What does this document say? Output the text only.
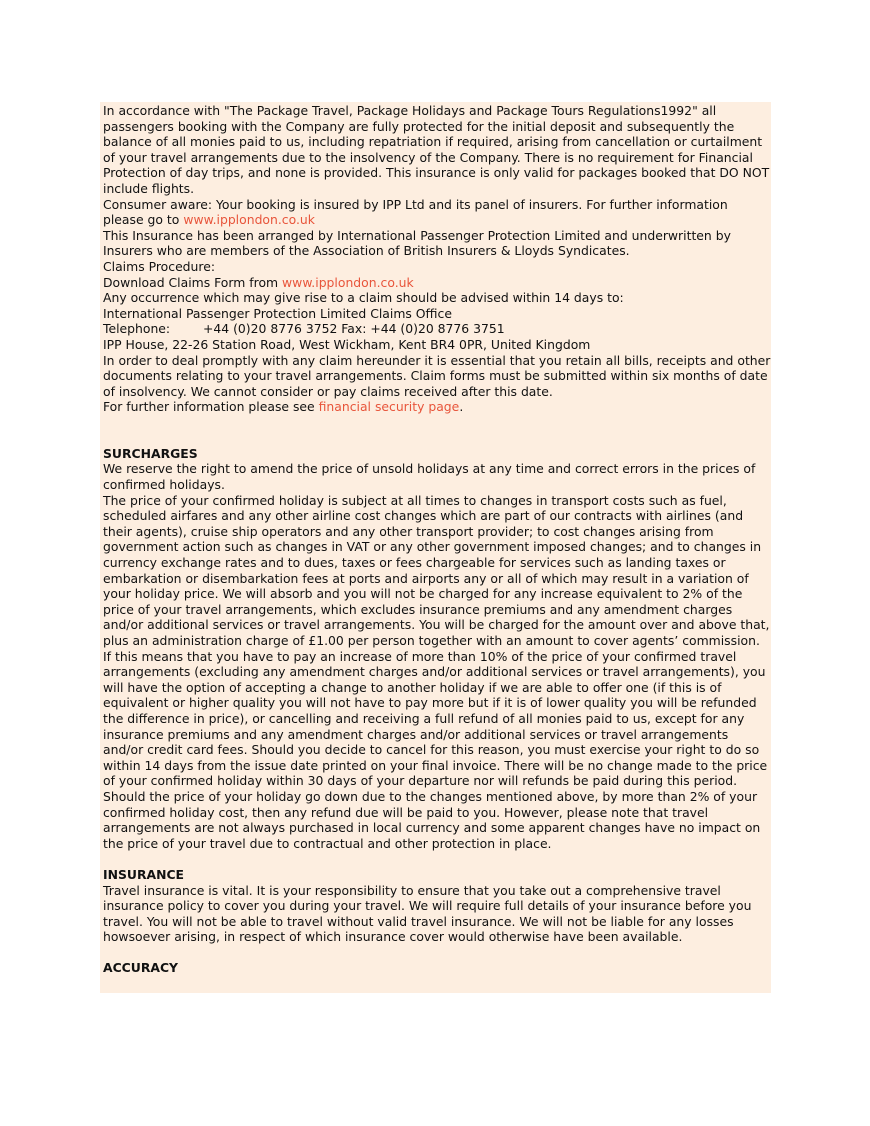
In accordance with "The Package Travel, Package Holidays and Package Tours Regulations1992" all passengers booking with the Company are fully protected for the initial deposit and subsequently the balance of all monies paid to us, including repatriation if required, arising from cancellation or curtailment of your travel arrangements due to the insolvency of the Company. There is no requirement for Financial Protection of day trips, and none is provided. This insurance is only valid for packages booked that DO NOT include flights.

Consumer aware: Your booking is insured by IPP Ltd and its panel of insurers. For further information please go to www.ipplondon.co.uk

This Insurance has been arranged by International Passenger Protection Limited and underwritten by Insurers who are members of the Association of British Insurers & Lloyds Syndicates.

Claims Procedure:

Download Claims Form from www.ipplondon.co.uk

Any occurrence which may give rise to a claim should be advised within 14 days to:

International Passenger Protection Limited Claims Office

Telephone:	+44 (0)20 8776 3752 Fax: +44 (0)20 8776 3751

IPP House, 22-26 Station Road, West Wickham, Kent BR4 0PR, United Kingdom

In order to deal promptly with any claim hereunder it is essential that you retain all bills, receipts and other documents relating to your travel arrangements. Claim forms must be submitted within six months of date of insolvency. We cannot consider or pay claims received after this date.

For further information please see financial security page.

SURCHARGES

We reserve the right to amend the price of unsold holidays at any time and correct errors in the prices of confirmed holidays.

The price of your confirmed holiday is subject at all times to changes in transport costs such as fuel, scheduled airfares and any other airline cost changes which are part of our contracts with airlines (and their agents), cruise ship operators and any other transport provider; to cost changes arising from government action such as changes in VAT or any other government imposed changes; and to changes in currency exchange rates and to dues, taxes or fees chargeable for services such as landing taxes or embarkation or disembarkation fees at ports and airports any or all of which may result in a variation of your holiday price. We will absorb and you will not be charged for any increase equivalent to 2% of the price of your travel arrangements, which excludes insurance premiums and any amendment charges and/or additional services or travel arrangements. You will be charged for the amount over and above that, plus an administration charge of £1.00 per person together with an amount to cover agents’ commission. If this means that you have to pay an increase of more than 10% of the price of your confirmed travel arrangements (excluding any amendment charges and/or additional services or travel arrangements), you will have the option of accepting a change to another holiday if we are able to offer one (if this is of equivalent or higher quality you will not have to pay more but if it is of lower quality you will be refunded the difference in price), or cancelling and receiving a full refund of all monies paid to us, except for any insurance premiums and any amendment charges and/or additional services or travel arrangements and/or credit card fees. Should you decide to cancel for this reason, you must exercise your right to do so within 14 days from the issue date printed on your final invoice. There will be no change made to the price of your confirmed holiday within 30 days of your departure nor will refunds be paid during this period. Should the price of your holiday go down due to the changes mentioned above, by more than 2% of your confirmed holiday cost, then any refund due will be paid to you. However, please note that travel arrangements are not always purchased in local currency and some apparent changes have no impact on the price of your travel due to contractual and other protection in place.

INSURANCE

Travel insurance is vital. It is your responsibility to ensure that you take out a comprehensive travel insurance policy to cover you during your travel. We will require full details of your insurance before you travel. You will not be able to travel without valid travel insurance. We will not be liable for any losses howsoever arising, in respect of which insurance cover would otherwise have been available.

ACCURACY
